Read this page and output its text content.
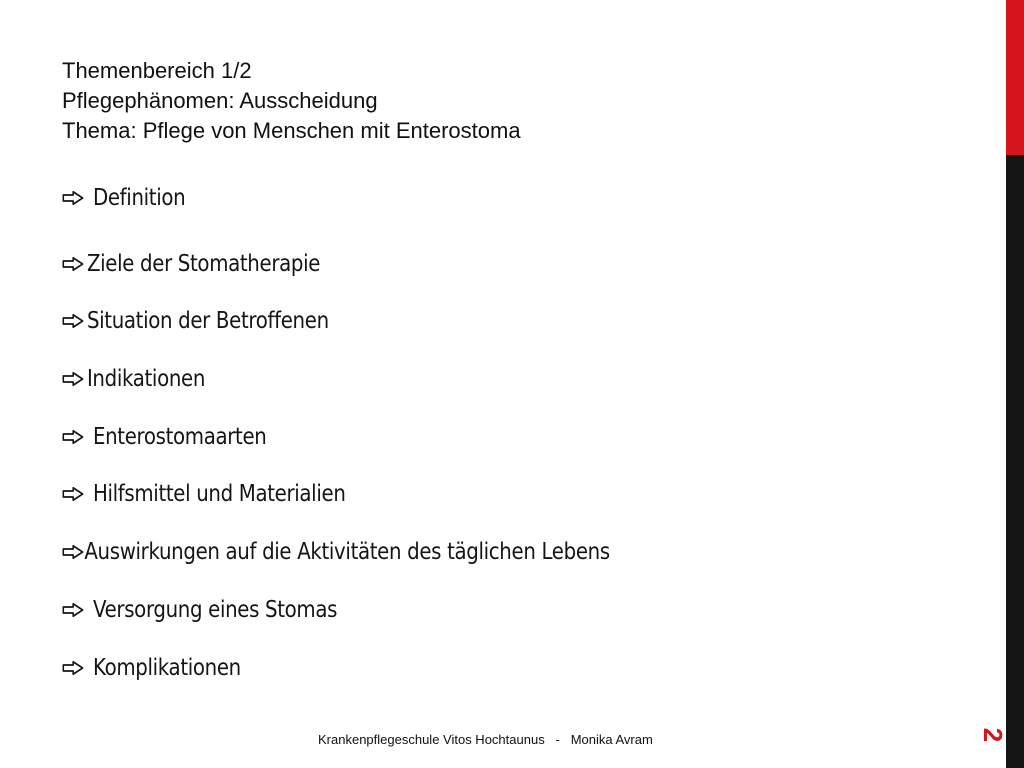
Themenbereich 1/2
Pflegephänomen: Ausscheidung
Thema: Pflege von Menschen mit Enterostoma
Definition
Ziele der Stomatherapie
Situation der Betroffenen
Indikationen
Enterostomaarten
Hilfsmittel und Materialien
Auswirkungen auf die Aktivitäten des täglichen Lebens
Versorgung eines Stomas
Komplikationen
Krankenpflegeschule Vitos Hochtaunus   -   Monika Avram	2
